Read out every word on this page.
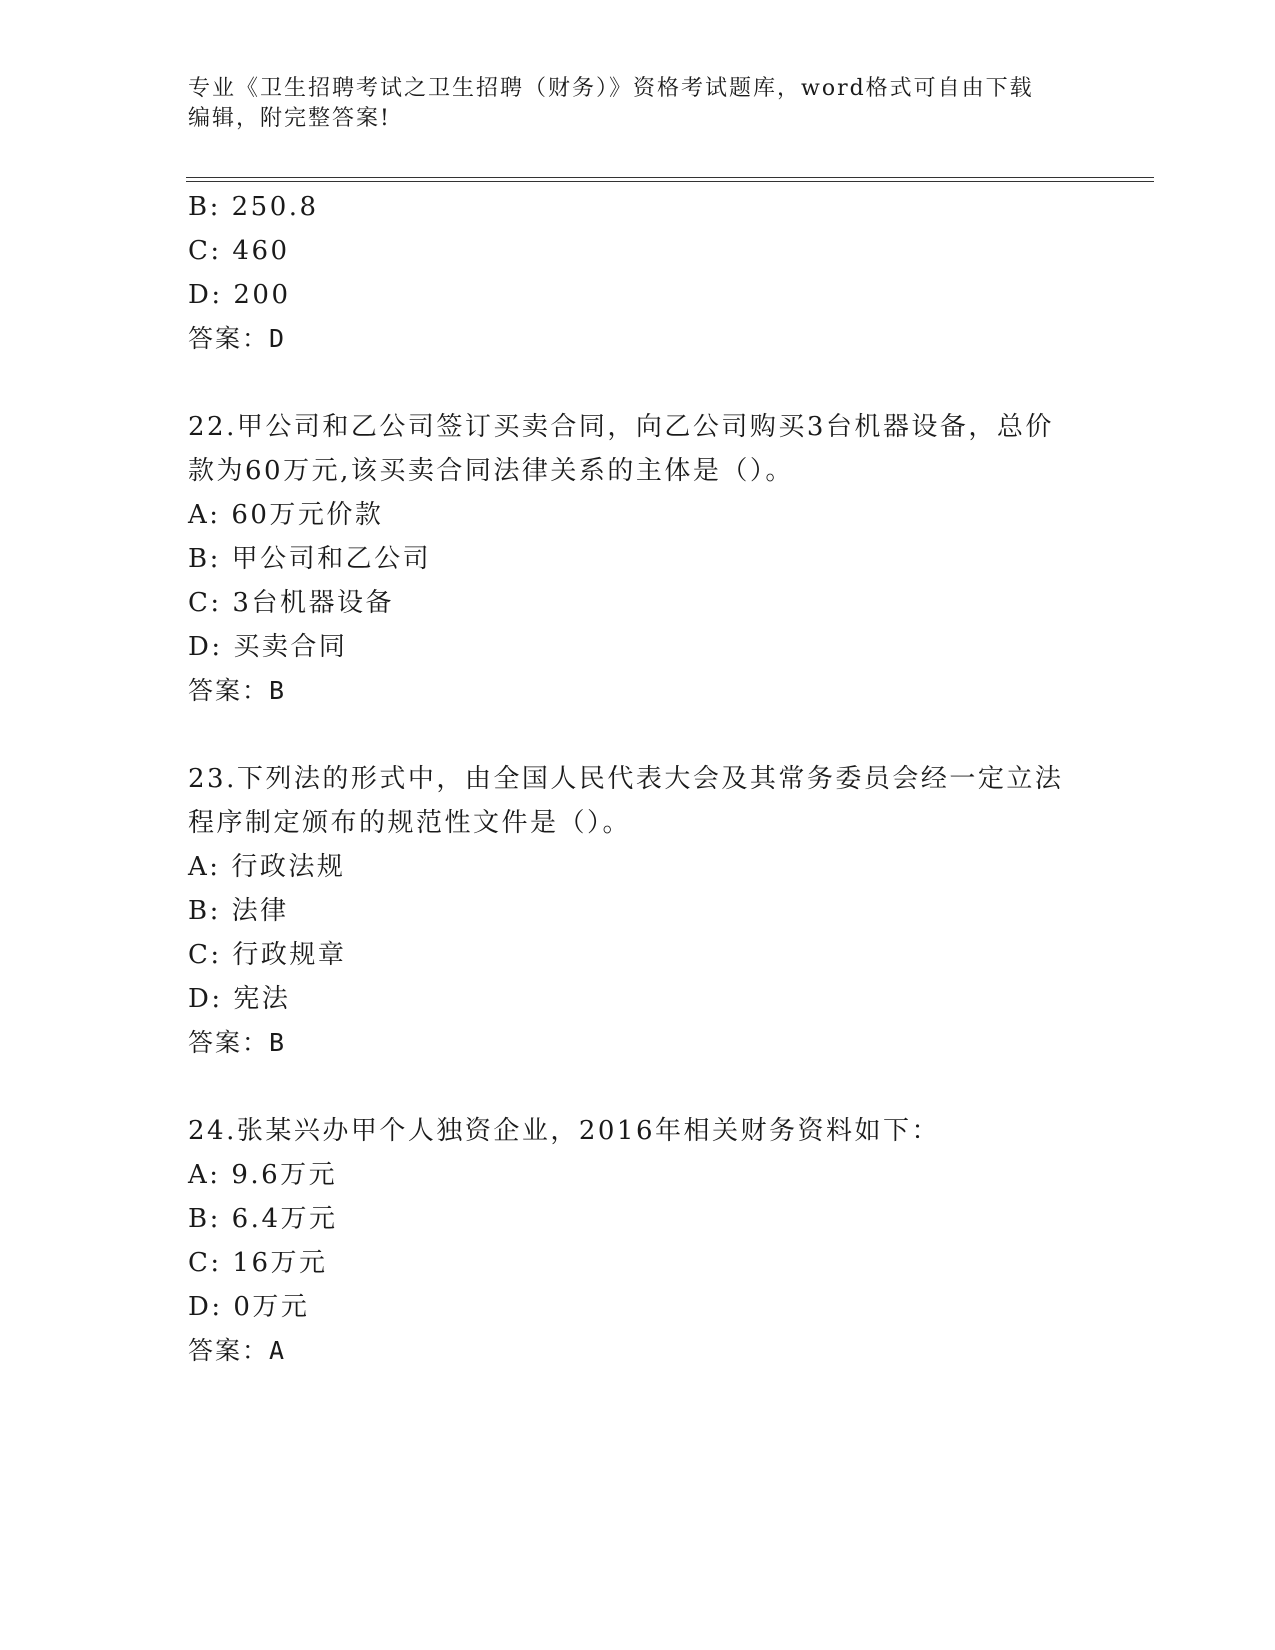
专业《卫生招聘考试之卫生招聘（财务）》资格考试题库，word格式可自由下载
编辑，附完整答案!
B: 250.8
C: 460
D: 200
答案：D
22.甲公司和乙公司签订买卖合同，向乙公司购买3台机器设备，总价
款为60万元,该买卖合同法律关系的主体是（）。
A: 60万元价款
B: 甲公司和乙公司
C: 3台机器设备
D: 买卖合同
答案：B
23.下列法的形式中，由全国人民代表大会及其常务委员会经一定立法
程序制定颁布的规范性文件是（）。
A: 行政法规
B: 法律
C: 行政规章
D: 宪法
答案：B
24.张某兴办甲个人独资企业，2016年相关财务资料如下：
A: 9.6万元
B: 6.4万元
C: 16万元
D: 0万元
答案：A
